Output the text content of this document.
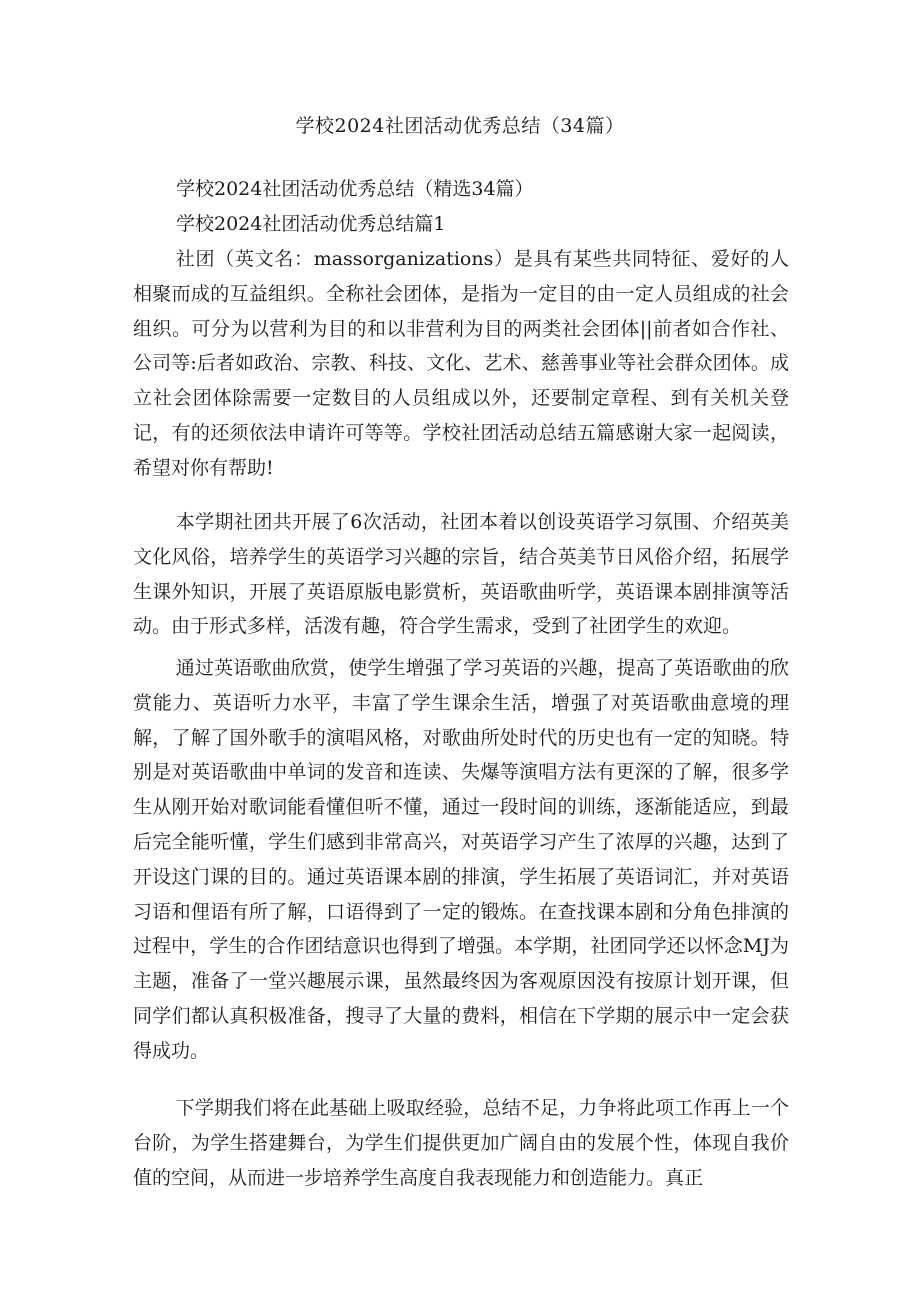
学校2024社团活动优秀总结（34篇）
学校2024社团活动优秀总结（精选34篇）
学校2024社团活动优秀总结篇1

社团（英文名：massorganizations）是具有某些共同特征、爱好的人相聚而成的互益组织。全称社会团体，是指为一定目的由一定人员组成的社会组织。可分为以营利为目的和以非营利为目的两类社会团体||前者如合作社、公司等:后者如政治、宗教、科技、文化、艺术、慈善事业等社会群众团体。成立社会团体除需要一定数目的人员组成以外，还要制定章程、到有关机关登记，有的还须依法申请许可等等。学校社团活动总结五篇感谢大家一起阅读，希望对你有帮助!

本学期社团共开展了6次活动，社团本着以创设英语学习氛围、介绍英美文化风俗，培养学生的英语学习兴趣的宗旨，结合英美节日风俗介绍，拓展学生课外知识，开展了英语原版电影赏析，英语歌曲听学，英语课本剧排演等活动。由于形式多样，活泼有趣，符合学生需求，受到了社团学生的欢迎。

通过英语歌曲欣赏，使学生增强了学习英语的兴趣，提高了英语歌曲的欣赏能力、英语听力水平，丰富了学生课余生活，增强了对英语歌曲意境的理解，了解了国外歌手的演唱风格，对歌曲所处时代的历史也有一定的知晓。特别是对英语歌曲中单词的发音和连读、失爆等演唱方法有更深的了解，很多学生从刚开始对歌词能看懂但听不懂，通过一段时间的训练，逐渐能适应，到最后完全能听懂，学生们感到非常高兴，对英语学习产生了浓厚的兴趣，达到了开设这门课的目的。通过英语课本剧的排演，学生拓展了英语词汇，并对英语习语和俚语有所了解，口语得到了一定的锻炼。在查找课本剧和分角色排演的过程中，学生的合作团结意识也得到了增强。本学期，社团同学还以怀念MJ为主题，准备了一堂兴趣展示课，虽然最终因为客观原因没有按原计划开课，但同学们都认真积极准备，搜寻了大量的费料，相信在下学期的展示中一定会获得成功。

下学期我们将在此基础上吸取经验，总结不足，力争将此项工作再上一个台阶，为学生搭建舞台，为学生们提供更加广阔自由的发展个性，体现自我价值的空间，从而进一步培养学生高度自我表现能力和创造能力。真正
